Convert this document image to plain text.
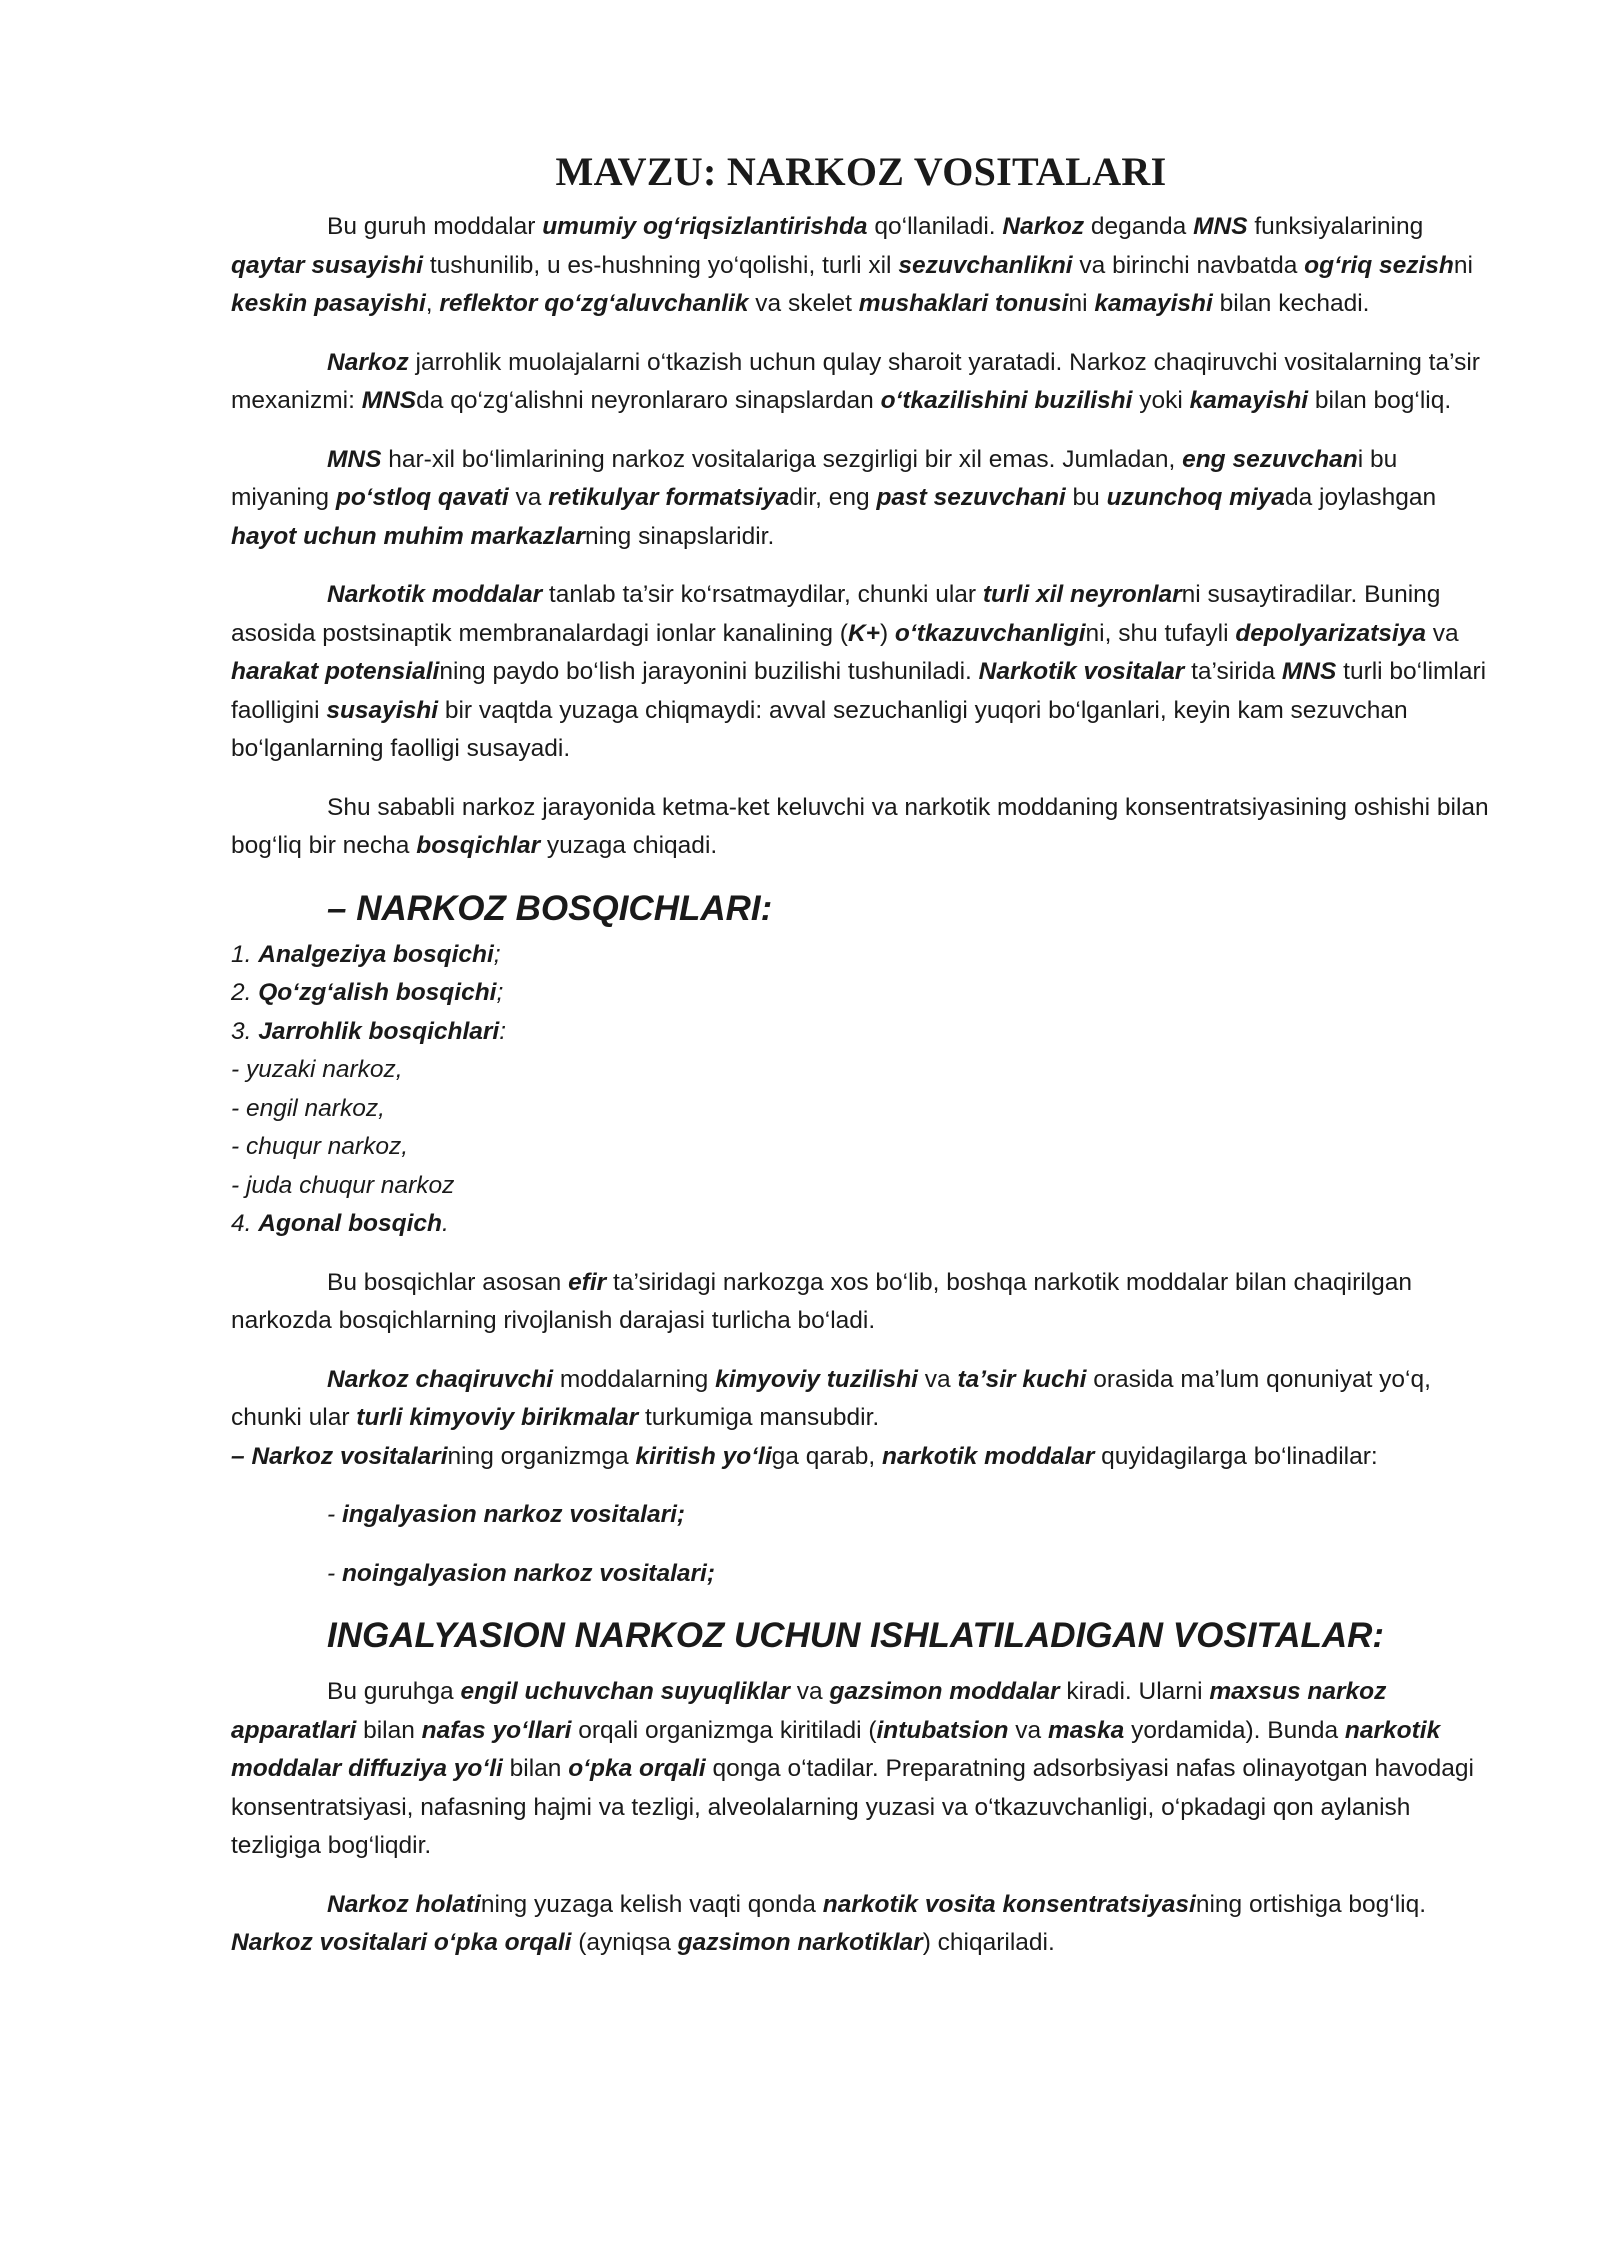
MAVZU: NARKOZ VOSITALARI

Bu guruh moddalar umumiy og‘riqsizlantirishda qo‘llaniladi. Narkoz deganda MNS funksiyalarining qaytar susayishi tushunilib, u es-hushning yo‘qolishi, turli xil sezuvchanlikni va birinchi navbatda og‘riq sezishni keskin pasayishi, reflektor qo‘zg‘aluvchanlik va skelet mushaklari tonusini kamayishi bilan kechadi.

Narkoz jarrohlik muolajalarni o‘tkazish uchun qulay sharoit yaratadi. Narkoz chaqiruvchi vositalarning ta’sir mexanizmi: MNSda qo‘zg‘alishni neyronlararo sinapslardan o‘tkazilishini buzilishi yoki kamayishi bilan bog‘liq.

MNS har-xil bo‘limlarining narkoz vositalariga sezgirligi bir xil emas. Jumladan, eng sezuvchani bu miyaning po‘stloq qavati va retikulyar formatsiyadir, eng past sezuvchani bu uzunchoq miyada joylashgan hayot uchun muhim markazlarning sinapslaridir.

Narkotik moddalar tanlab ta’sir ko‘rsatmaydilar, chunki ular turli xil neyronlarni susaytiradilar. Buning asosida postsinaptik membranalardagi ionlar kanalining (K+) o‘tkazuvchanligini, shu tufayli depolyarizatsiya va harakat potensialining paydo bo‘lish jarayonini buzilishi tushuniladi. Narkotik vositalar ta’sirida MNS turli bo‘limlari faolligini susayishi bir vaqtda yuzaga chiqmaydi: avval sezuchanligi yuqori bo‘lganlari, keyin kam sezuvchan bo‘lganlarning faolligi susayadi.

Shu sababli narkoz jarayonida ketma-ket keluvchi va narkotik moddaning konsentratsiyasining oshishi bilan bog‘liq bir necha bosqichlar yuzaga chiqadi.

– NARKOZ BOSQICHLARI:
1. Analgeziya bosqichi;
2. Qo‘zg‘alish bosqichi;
3. Jarrohlik bosqichlari:
- yuzaki narkoz,
- engil narkoz,
- chuqur narkoz,
- juda chuqur narkoz
4. Agonal bosqich.

Bu bosqichlar asosan efir ta’siridagi narkozga xos bo‘lib, boshqa narkotik moddalar bilan chaqirilgan narkozda bosqichlarning rivojlanish darajasi turlicha bo‘ladi.

Narkoz chaqiruvchi moddalarning kimyoviy tuzilishi va ta’sir kuchi orasida ma’lum qonuniyat yo‘q, chunki ular turli kimyoviy birikmalar turkumiga mansubdir.

– Narkoz vositalarining organizmga kiritish yo‘liga qarab, narkotik moddalar quyidagilarga bo‘linadilar:

- ingalyasion narkoz vositalari;
- noingalyasion narkoz vositalari;
INGALYASION NARKOZ UCHUN ISHLATILADIGAN VOSITALAR:

Bu guruhga engil uchuvchan suyuqliklar va gazsimon moddalar kiradi. Ularni maxsus narkoz apparatlari bilan nafas yo‘llari orqali organizmga kiritiladi (intubatsion va maska yordamida). Bunda narkotik moddalar diffuziya yo‘li bilan o‘pka orqali qonga o‘tadilar. Preparatning adsorbsiyasi nafas olinayotgan havodagi konsentratsiyasi, nafasning hajmi va tezligi, alveolalarning yuzasi va o‘tkazuvchanligi, o‘pkadagi qon aylanish tezligiga bog‘liqdir.

Narkoz holatining yuzaga kelish vaqti qonda narkotik vosita konsentratsiyasining ortishiga bog‘liq. Narkoz vositalari o‘pka orqali (ayniqsa gazsimon narkotiklar) chiqariladi.
